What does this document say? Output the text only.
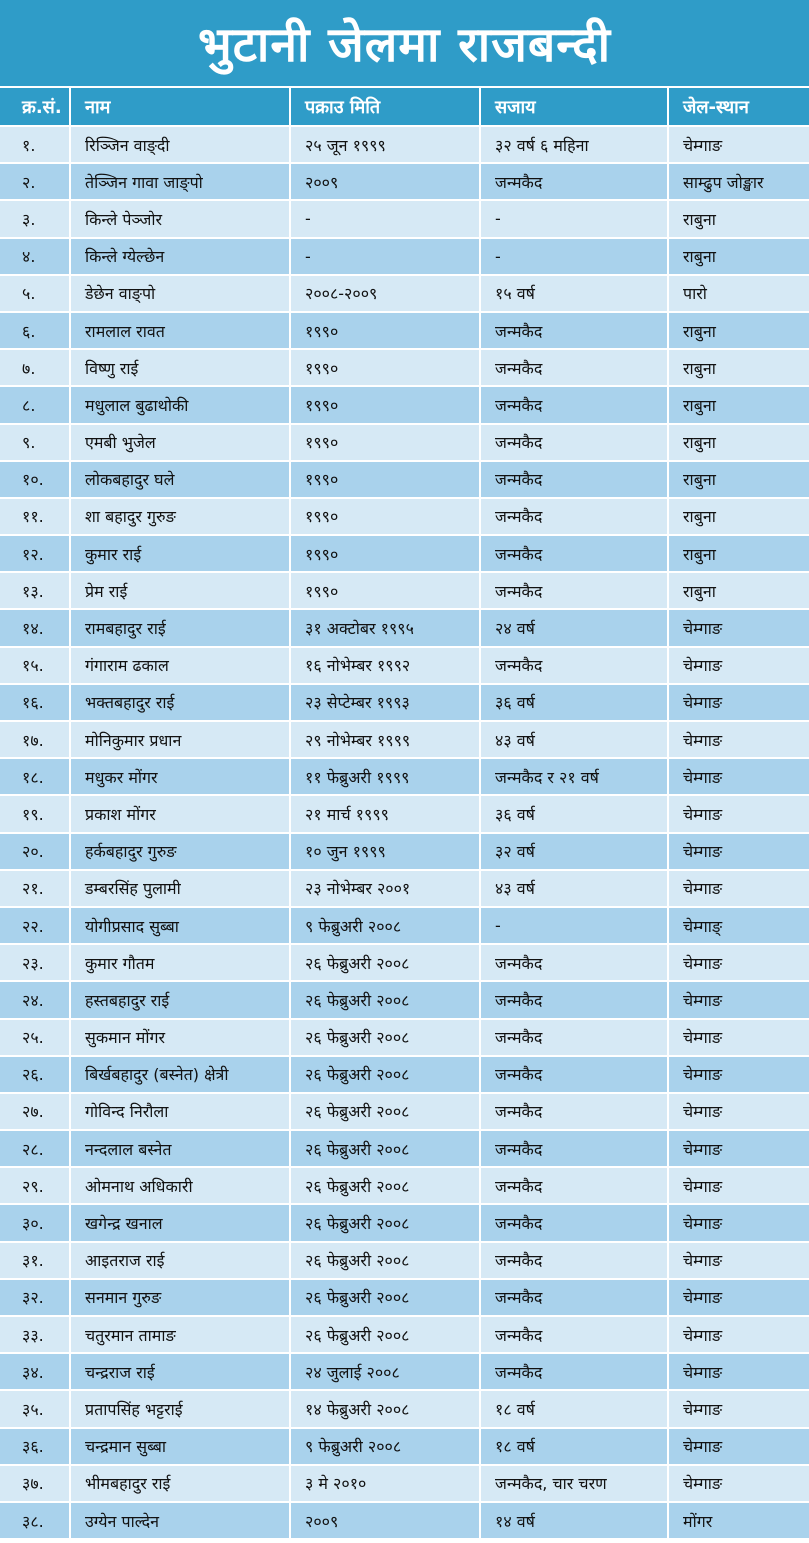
भुटानी जेलमा राजबन्दी
क्र.सं.	नाम	पक्राउ मिति	सजाय	जेल-स्थान
१.	रिञ्जिन वाङ्दी	२५ जून १९९९	३२ वर्ष ६ महिना	चेम्गाङ
२.	तेञ्जिन गावा जाङ्पो	२००९	जन्मकैद	साम्ढुप जोङ्खार
३.	किन्ले पेञ्जोर	-	-	राबुना
४.	किन्ले ग्येल्छेन	-	-	राबुना
५.	डेछेन वाङ्पो	२००८-२००९	१५ वर्ष	पारो
६.	रामलाल रावत	१९९०	जन्मकैद	राबुना
७.	विष्णु राई	१९९०	जन्मकैद	राबुना
८.	मधुलाल बुढाथोकी	१९९०	जन्मकैद	राबुना
९.	एमबी भुजेल	१९९०	जन्मकैद	राबुना
१०.	लोकबहादुर घले	१९९०	जन्मकैद	राबुना
११.	शा बहादुर गुरुङ	१९९०	जन्मकैद	राबुना
१२.	कुमार राई	१९९०	जन्मकैद	राबुना
१३.	प्रेम राई	१९९०	जन्मकैद	राबुना
१४.	रामबहादुर राई	३१ अक्टोबर १९९५	२४ वर्ष	चेम्गाङ
१५.	गंगाराम ढकाल	१६ नोभेम्बर १९९२	जन्मकैद	चेम्गाङ
१६.	भक्तबहादुर राई	२३ सेप्टेम्बर १९९३	३६ वर्ष	चेम्गाङ
१७.	मोनिकुमार प्रधान	२९ नोभेम्बर १९९९	४३ वर्ष	चेम्गाङ
१८.	मधुकर मोंगर	११ फेब्रुअरी १९९९	जन्मकैद र २१ वर्ष	चेम्गाङ
१९.	प्रकाश मोंगर	२१ मार्च १९९९	३६ वर्ष	चेम्गाङ
२०.	हर्कबहादुर गुरुङ	१० जुन १९९९	३२ वर्ष	चेम्गाङ
२१.	डम्बरसिंह पुलामी	२३ नोभेम्बर २००१	४३ वर्ष	चेम्गाङ
२२.	योगीप्रसाद सुब्बा	९ फेब्रुअरी २००८	-	चेम्गाङ्
२३.	कुमार गौतम	२६ फेब्रुअरी २००८	जन्मकैद	चेम्गाङ
२४.	हस्तबहादुर राई	२६ फेब्रुअरी २००८	जन्मकैद	चेम्गाङ
२५.	सुकमान मोंगर	२६ फेब्रुअरी २००८	जन्मकैद	चेम्गाङ
२६.	बिर्खबहादुर (बस्नेत) क्षेत्री	२६ फेब्रुअरी २००८	जन्मकैद	चेम्गाङ
२७.	गोविन्द निरौला	२६ फेब्रुअरी २००८	जन्मकैद	चेम्गाङ
२८.	नन्दलाल बस्नेत	२६ फेब्रुअरी २००८	जन्मकैद	चेम्गाङ
२९.	ओमनाथ अधिकारी	२६ फेब्रुअरी २००८	जन्मकैद	चेम्गाङ
३०.	खगेन्द्र खनाल	२६ फेब्रुअरी २००८	जन्मकैद	चेम्गाङ
३१.	आइतराज राई	२६ फेब्रुअरी २००८	जन्मकैद	चेम्गाङ
३२.	सनमान गुरुङ	२६ फेब्रुअरी २००८	जन्मकैद	चेम्गाङ
३३.	चतुरमान तामाङ	२६ फेब्रुअरी २००८	जन्मकैद	चेम्गाङ
३४.	चन्द्रराज राई	२४ जुलाई २००८	जन्मकैद	चेम्गाङ
३५.	प्रतापसिंह भट्टराई	१४ फेब्रुअरी २००८	१८ वर्ष	चेम्गाङ
३६.	चन्द्रमान सुब्बा	९ फेब्रुअरी २००८	१८ वर्ष	चेम्गाङ
३७.	भीमबहादुर राई	३ मे २०१०	जन्मकैद, चार चरण	चेम्गाङ
३८.	उग्येन पाल्देन	२००९	१४ वर्ष	मोंगर
